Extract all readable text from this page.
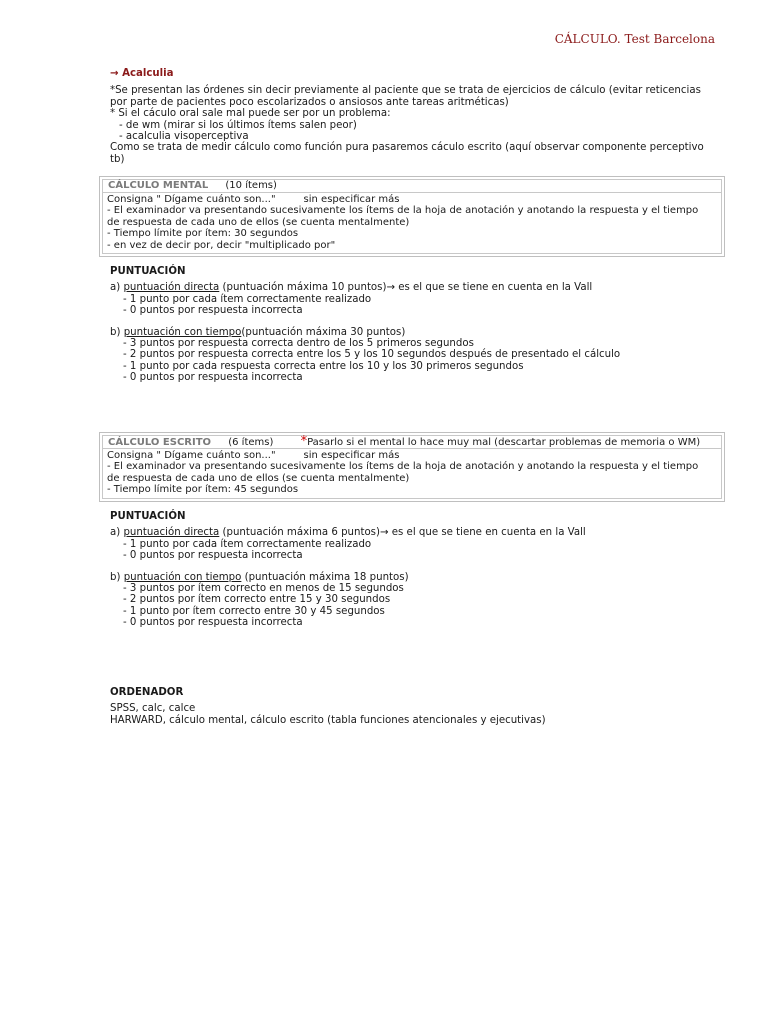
CÁLCULO. Test Barcelona
→ Acalculia
*Se presentan las órdenes sin decir previamente al paciente que se trata de ejercicios de cálculo (evitar reticencias
por parte de pacientes poco escolarizados o ansiosos ante tareas aritméticas)
* Si el cáculo oral sale mal puede ser por un problema:
- de wm (mirar si los últimos ítems salen peor)
- acalculia visoperceptiva
Como se trata de medir cálculo como función pura pasaremos cáculo escrito (aquí observar componente perceptivo
tb)
CÁLCULO MENTAL (10 ítems)
Consigna " Dígame cuánto son..."	sin especificar más
- El examinador va presentando sucesivamente los ítems de la hoja de anotación y anotando la respuesta y el tiempo
de respuesta de cada uno de ellos (se cuenta mentalmente)
- Tiempo límite por ítem: 30 segundos
- en vez de decir por, decir "multiplicado por"
PUNTUACIÓN
a) puntuación directa (puntuación máxima 10 puntos)→ es el que se tiene en cuenta en la Vall
- 1 punto por cada ítem correctamente realizado
- 0 puntos por respuesta incorrecta
b) puntuación con tiempo(puntuación máxima 30 puntos)
- 3 puntos por respuesta correcta dentro de los 5 primeros segundos
- 2 puntos por respuesta correcta entre los 5 y los 10 segundos después de presentado el cálculo
- 1 punto por cada respuesta correcta entre los 10 y los 30 primeros segundos
- 0 puntos por respuesta incorrecta
CÁLCULO ESCRITO (6 ítems) *Pasarlo si el mental lo hace muy mal (descartar problemas de memoria o WM)
Consigna " Dígame cuánto son..."	sin especificar más
- El examinador va presentando sucesivamente los ítems de la hoja de anotación y anotando la respuesta y el tiempo
de respuesta de cada uno de ellos (se cuenta mentalmente)
- Tiempo límite por ítem: 45 segundos
PUNTUACIÓN
a) puntuación directa (puntuación máxima 6 puntos)→ es el que se tiene en cuenta en la Vall
- 1 punto por cada ítem correctamente realizado
- 0 puntos por respuesta incorrecta
b) puntuación con tiempo (puntuación máxima 18 puntos)
- 3 puntos por ítem correcto en menos de 15 segundos
- 2 puntos por ítem correcto entre 15 y 30 segundos
- 1 punto por ítem correcto entre 30 y 45 segundos
- 0 puntos por respuesta incorrecta
ORDENADOR
SPSS, calc, calce
HARWARD, cálculo mental, cálculo escrito (tabla funciones atencionales y ejecutivas)
